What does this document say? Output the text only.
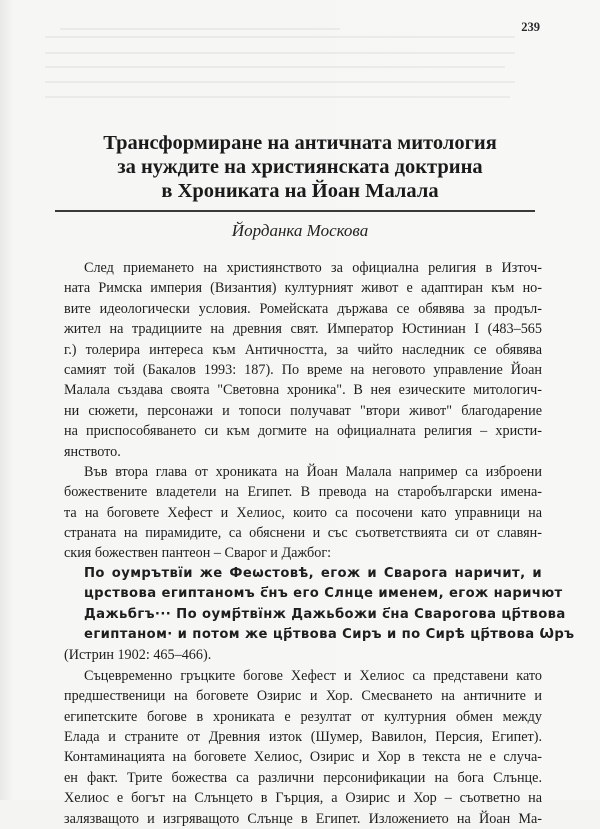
239
Трансформиране на античната митология
за нуждите на християнската доктрина
в Хрониката на Йоан Малала
Йорданка Москова
След приемането на християнството за официална религия в Източ-
ната Римска империя (Византия) културният живот е адаптиран към но-
вите идеологически условия. Ромейската държава се обявява за продъл-
жител на традициите на древния свят. Император Юстиниан I (483–565
г.) толерира интереса към Античността, за чийто наследник се обявява
самият той (Бакалов 1993: 187). По време на неговото управление Йоан
Малала създава своята "Световна хроника". В нея езическите митологич-
ни сюжети, персонажи и топоси получават "втори живот" благодарение
на приспособяването си към догмите на официалната религия – христи-
янството.
Във втора глава от хрониката на Йоан Малала например са изброени
божествените владетели на Египет. В превода на старобългарски имена-
та на боговете Хефест и Хелиос, които са посочени като управници на
страната на пирамидите, са обяснени и със съответствията си от славян-
ския божествен пантеон – Сварог и Дажбог:
По оумрътвїи же Феωстовѣ, егож и Сварога наричит, и
црствова египтаномъ с҃нъ его Слнце именем, егож наричют
Дажьбгъ··· По оумр҃твїнж Дажьбожи с҃на Сварогова цр҃твова
египтаном· и потом же цр҃твова Сиръ и по Сирѣ цр҃твова Ѡръ
(Истрин 1902: 465–466).
Съцевременно гръцките богове Хефест и Хелиос са представени като
предшественици на боговете Озирис и Хор. Смесването на античните и
египетските богове в хрониката е резултат от културния обмен между
Елада и страните от Древния изток (Шумер, Вавилон, Персия, Египет).
Контаминацията на боговете Хелиос, Озирис и Хор в текста не е случа-
ен факт. Трите божества са различни персонификации на бога Слънце.
Хелиос е богът на Слънцето в Гърция, а Озирис и Хор – съответно на
залязващото и изгряващото Слънце в Египет. Изложението на Йоан Ма-
